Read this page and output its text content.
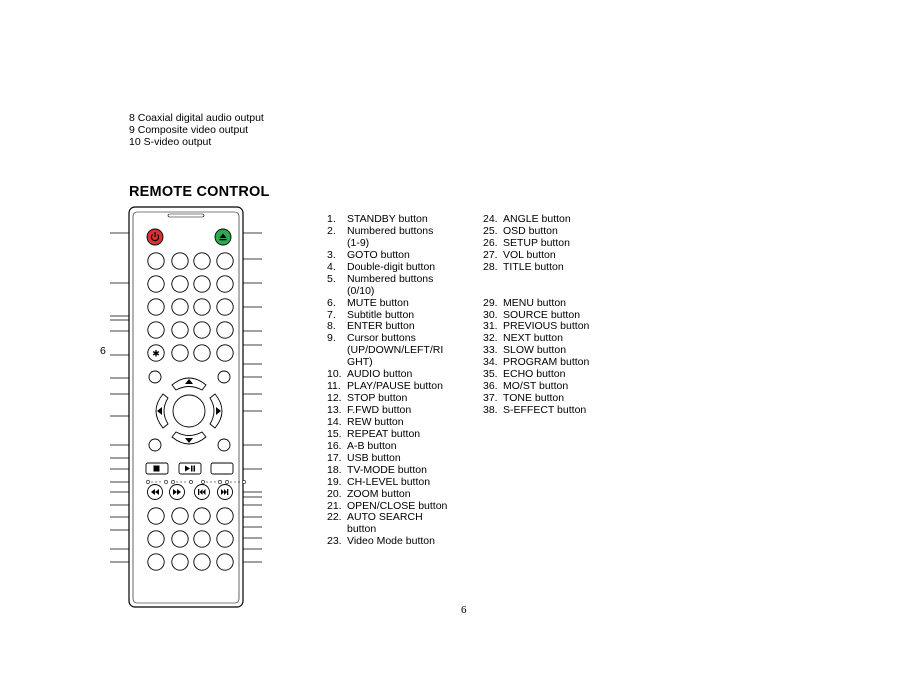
8 Coaxial digital audio output
9 Composite video output
10 S-video output
REMOTE CONTROL
✱
6
1.	STANDBY button
2.	Numbered buttons
(1-9)
3.	GOTO button
4.	Double-digit button
5.	Numbered buttons
(0/10)
6.	MUTE button
7.	Subtitle button
8.	ENTER button
9.	Cursor buttons
(UP/DOWN/LEFT/RI
GHT)
10. AUDIO button
11. PLAY/PAUSE button
12. STOP button
13. F.FWD button
14. REW button
15. REPEAT button
16. A-B button
17. USB button
18. TV-MODE button
19. CH-LEVEL button
20. ZOOM button
21. OPEN/CLOSE button
22. AUTO SEARCH
button
23. Video Mode button
24. ANGLE button
25. OSD button
26. SETUP button
27. VOL button
28. TITLE button
29. MENU button
30. SOURCE button
31. PREVIOUS button
32. NEXT button
33. SLOW button
34. PROGRAM button
35. ECHO button
36. MO/ST button
37. TONE button
38. S-EFFECT button
6
